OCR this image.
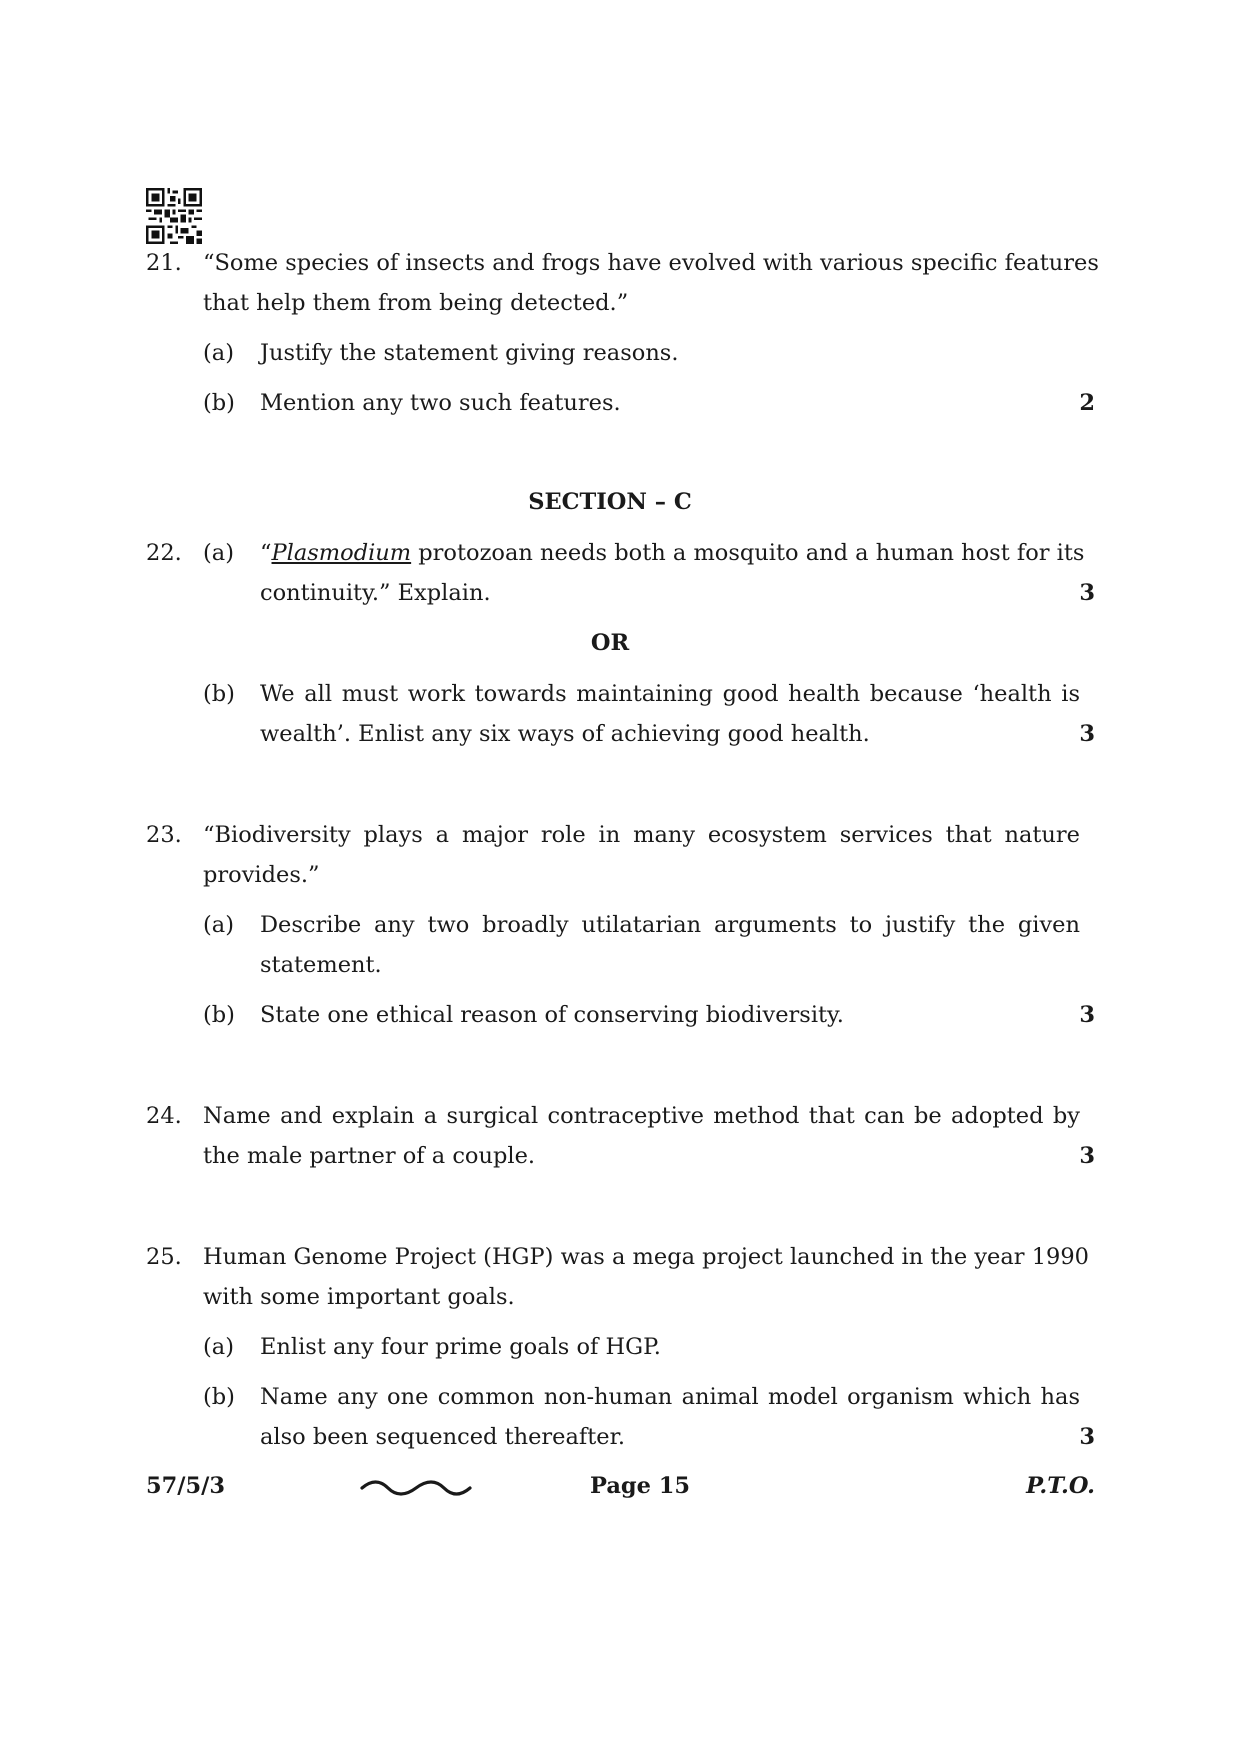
21. “Some species of insects and frogs have evolved with various specific features
that help them from being detected.”
(a) Justify the statement giving reasons.
(b) Mention any two such features.	2
SECTION – C
22. (a) “Plasmodium protozoan needs both a mosquito and a human host for its
continuity.” Explain.	3
OR
(b) We all must work towards maintaining good health because ‘health is
wealth’. Enlist any six ways of achieving good health.	3
23. “Biodiversity plays a major role in many ecosystem services that nature
provides.”
(a) Describe any two broadly utilatarian arguments to justify the given
statement.
(b) State one ethical reason of conserving biodiversity.	3
24. Name and explain a surgical contraceptive method that can be adopted by
the male partner of a couple.	3
25. Human Genome Project (HGP) was a mega project launched in the year 1990
with some important goals.
(a) Enlist any four prime goals of HGP.
(b) Name any one common non-human animal model organism which has
also been sequenced thereafter.	3
57/5/3	Page 15	P.T.O.
